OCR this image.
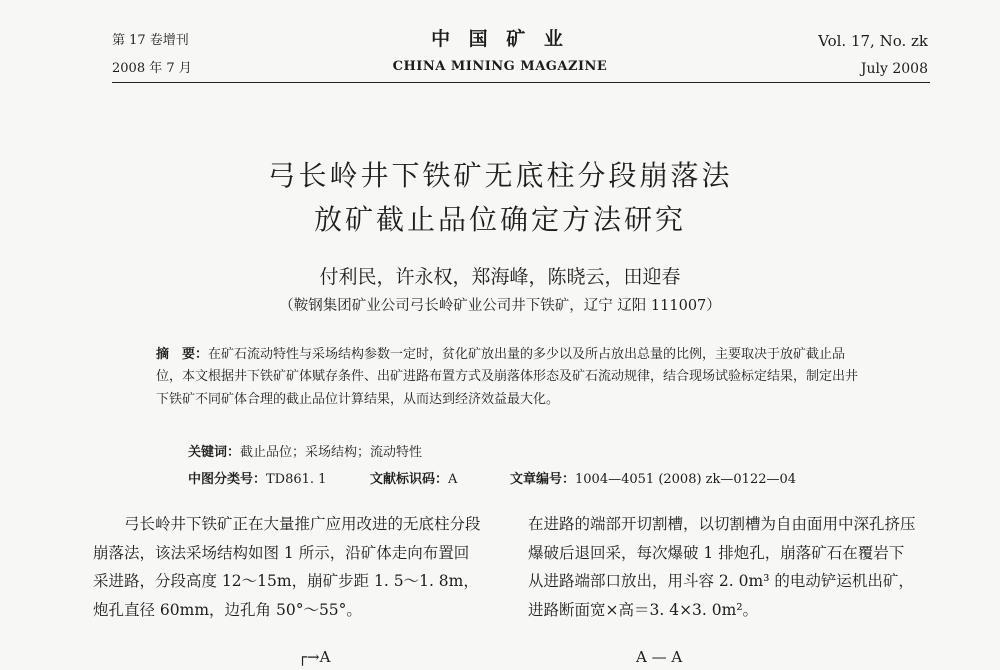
第 17 卷增刊
2008 年 7 月
中 国 矿 业
CHINA MINING MAGAZINE
Vol. 17, No. zk
July 2008
弓长岭井下铁矿无底柱分段崩落法
放矿截止品位确定方法研究
付利民，许永权，郑海峰，陈晓云，田迎春
（鞍钢集团矿业公司弓长岭矿业公司井下铁矿，辽宁 辽阳 111007）

摘　要：在矿石流动特性与采场结构参数一定时，贫化矿放出量的多少以及所占放出总量的比例，主要取决于放矿截止品位，本文根据井下铁矿矿体赋存条件、出矿进路布置方式及崩落体形态及矿石流动规律，结合现场试验标定结果，制定出井下铁矿不同矿体合理的截止品位计算结果，从而达到经济效益最大化。

关键词：截止品位；采场结构；流动特性
中图分类号：TD861. 1	文献标识码：A	文章编号：1004—4051 (2008) zk—0122—04

弓长岭井下铁矿正在大量推广应用改进的无底柱分段崩落法，该法采场结构如图 1 所示，沿矿体走向布置回采进路，分段高度 12～15m，崩矿步距 1. 5～1. 8m，炮孔直径 60mm，边孔角 50°～55°。

在进路的端部开切割槽，以切割槽为自由面用中深孔挤压爆破后退回采，每次爆破 1 排炮孔，崩落矿石在覆岩下从进路端部口放出，用斗容 2. 0m³ 的电动铲运机出矿，进路断面宽×高＝3. 4×3. 0m²。

┌→A	A — A
